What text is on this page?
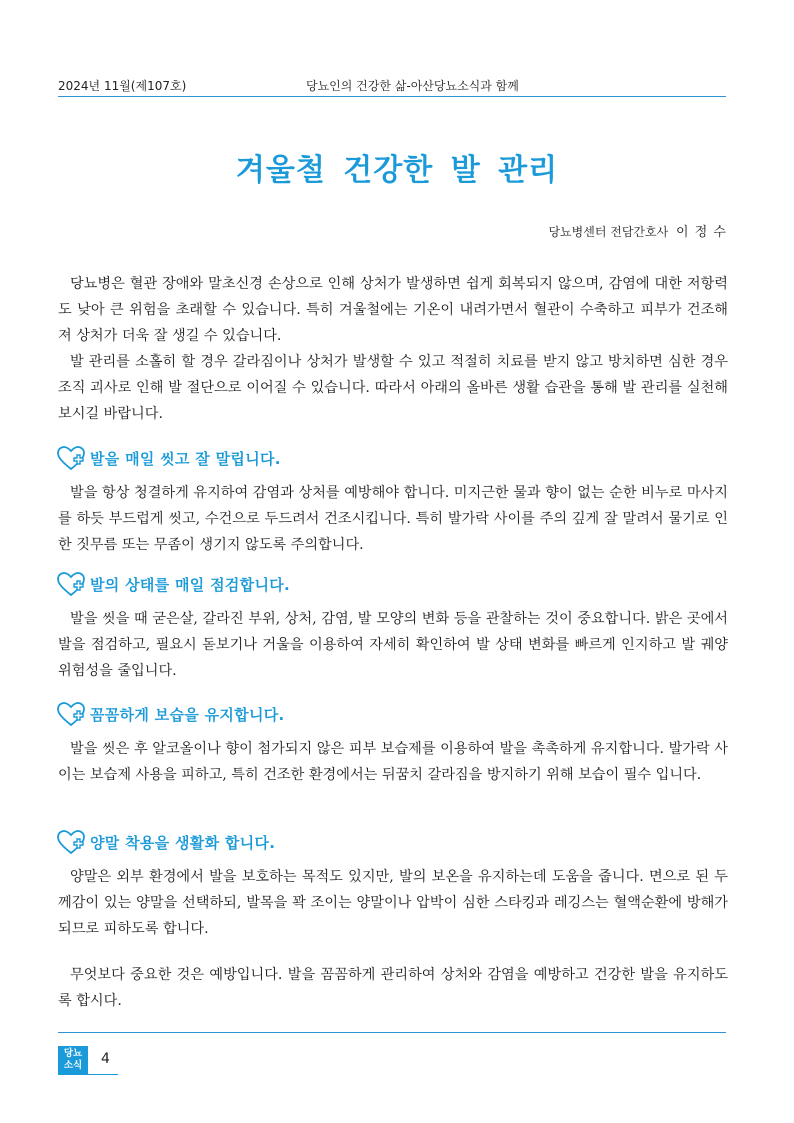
2024년 11월(제107호)	당뇨인의 건강한 삶-아산당뇨소식과 함께
겨울철 건강한 발 관리
당뇨병센터 전담간호사 이 정 수

당뇨병은 혈관 장애와 말초신경 손상으로 인해 상처가 발생하면 쉽게 회복되지 않으며, 감염에 대한 저항력도 낮아 큰 위험을 초래할 수 있습니다. 특히 겨울철에는 기온이 내려가면서 혈관이 수축하고 피부가 건조해져 상처가 더욱 잘 생길 수 있습니다.

발 관리를 소홀히 할 경우 갈라짐이나 상처가 발생할 수 있고 적절히 치료를 받지 않고 방치하면 심한 경우 조직 괴사로 인해 발 절단으로 이어질 수 있습니다. 따라서 아래의 올바른 생활 습관을 통해 발 관리를 실천해보시길 바랍니다.

발을 매일 씻고 잘 말립니다.

발을 항상 청결하게 유지하여 감염과 상처를 예방해야 합니다. 미지근한 물과 향이 없는 순한 비누로 마사지를 하듯 부드럽게 씻고, 수건으로 두드려서 건조시킵니다. 특히 발가락 사이를 주의 깊게 잘 말려서 물기로 인한 짓무름 또는 무좀이 생기지 않도록 주의합니다.

발의 상태를 매일 점검합니다.

발을 씻을 때 굳은살, 갈라진 부위, 상처, 감염, 발 모양의 변화 등을 관찰하는 것이 중요합니다. 밝은 곳에서 발을 점검하고, 필요시 돋보기나 거울을 이용하여 자세히 확인하여 발 상태 변화를 빠르게 인지하고 발 궤양 위험성을 줄입니다.

꼼꼼하게 보습을 유지합니다.

발을 씻은 후 알코올이나 향이 첨가되지 않은 피부 보습제를 이용하여 발을 촉촉하게 유지합니다. 발가락 사이는 보습제 사용을 피하고, 특히 건조한 환경에서는 뒤꿈치 갈라짐을 방지하기 위해 보습이 필수 입니다.

양말 착용을 생활화 합니다.

양말은 외부 환경에서 발을 보호하는 목적도 있지만, 발의 보온을 유지하는데 도움을 줍니다. 면으로 된 두께감이 있는 양말을 선택하되, 발목을 꽉 조이는 양말이나 압박이 심한 스타킹과 레깅스는 혈액순환에 방해가 되므로 피하도록 합니다.

무엇보다 중요한 것은 예방입니다. 발을 꼼꼼하게 관리하여 상처와 감염을 예방하고 건강한 발을 유지하도록 합시다.

당뇨
소식 4
